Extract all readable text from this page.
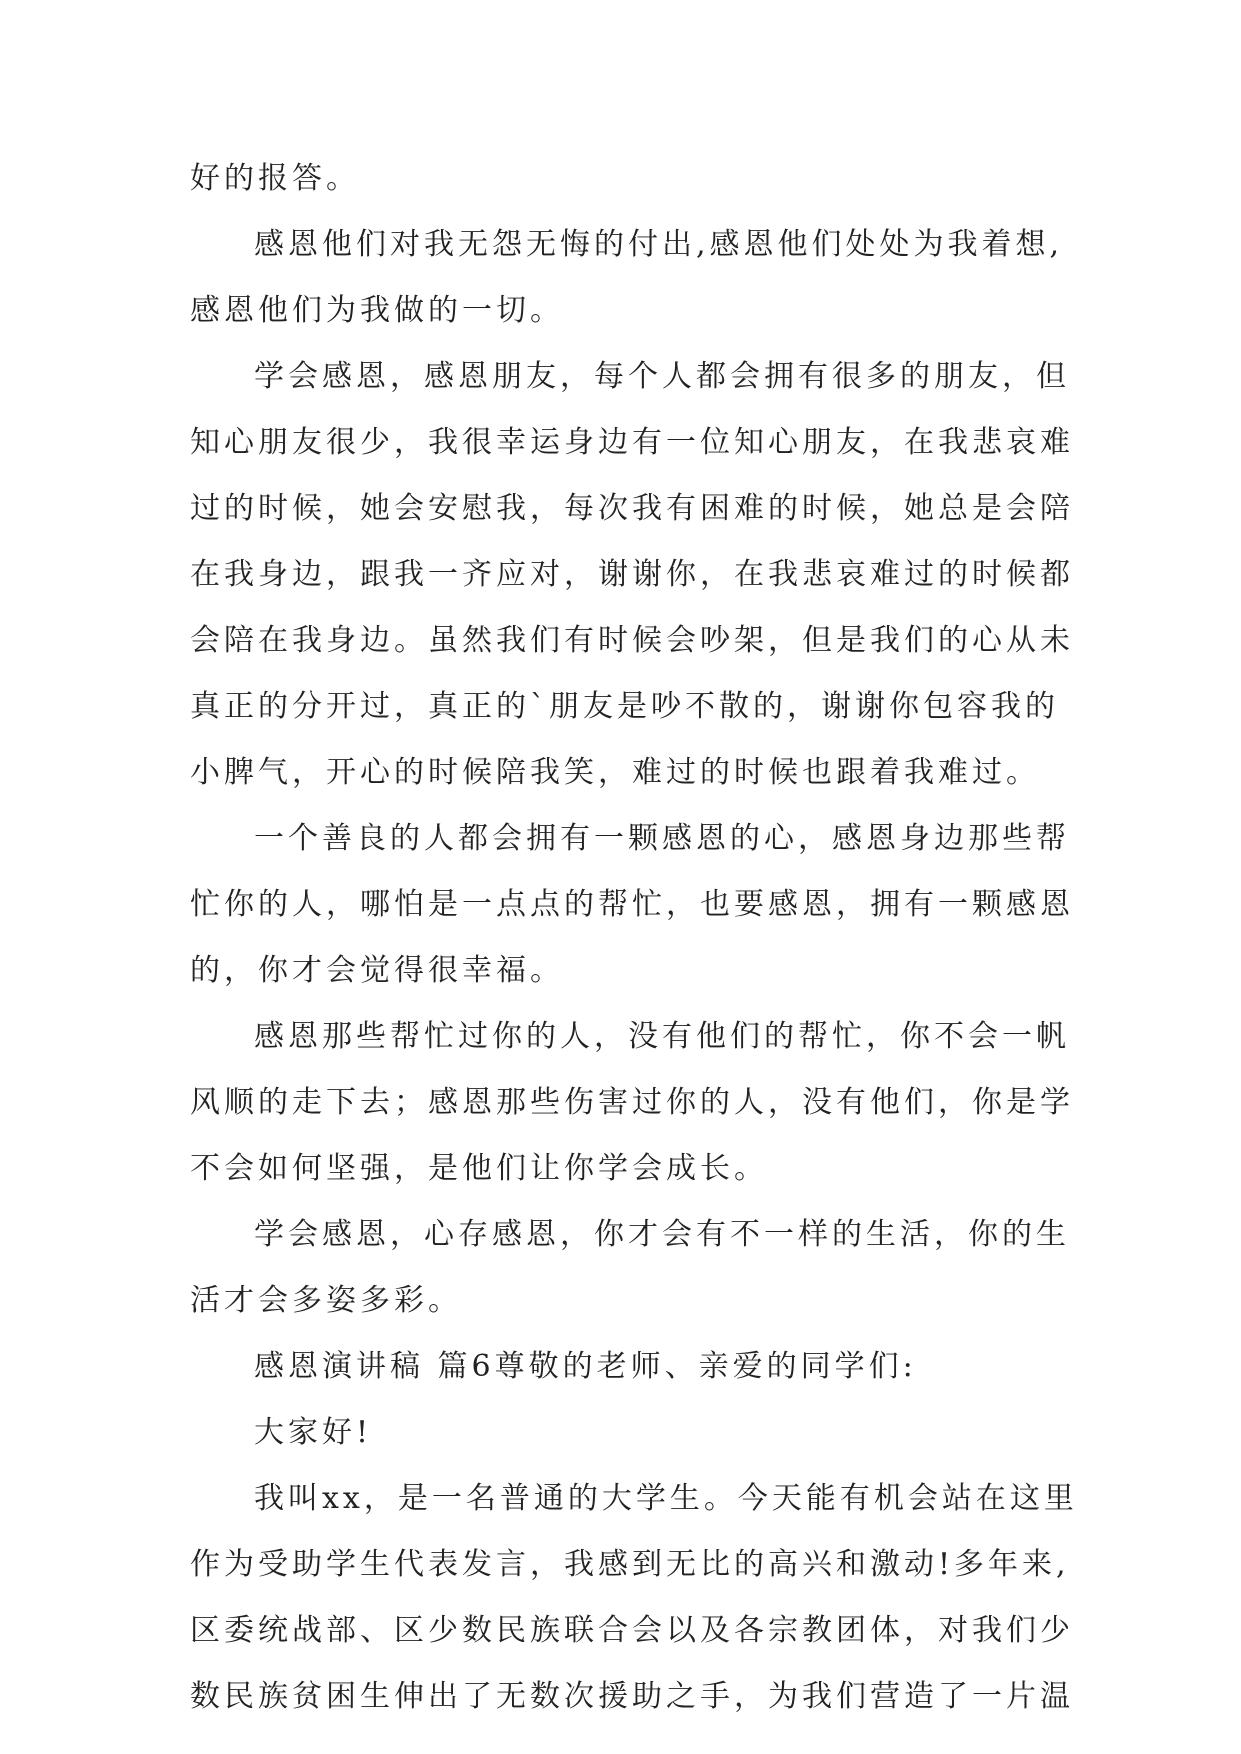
好的报答。
感恩他们对我无怨无悔的付出,感恩他们处处为我着想,
感恩他们为我做的一切。
学会感恩，感恩朋友，每个人都会拥有很多的朋友，但
知心朋友很少，我很幸运身边有一位知心朋友，在我悲哀难
过的时候，她会安慰我，每次我有困难的时候，她总是会陪
在我身边，跟我一齐应对，谢谢你，在我悲哀难过的时候都
会陪在我身边。虽然我们有时候会吵架，但是我们的心从未
真正的分开过，真正的`朋友是吵不散的，谢谢你包容我的
小脾气，开心的时候陪我笑，难过的时候也跟着我难过。
一个善良的人都会拥有一颗感恩的心，感恩身边那些帮
忙你的人，哪怕是一点点的帮忙，也要感恩，拥有一颗感恩
的，你才会觉得很幸福。
感恩那些帮忙过你的人，没有他们的帮忙，你不会一帆
风顺的走下去；感恩那些伤害过你的人，没有他们，你是学
不会如何坚强，是他们让你学会成长。
学会感恩，心存感恩，你才会有不一样的生活，你的生
活才会多姿多彩。
感恩演讲稿 篇6尊敬的老师、亲爱的同学们:
大家好!
我叫xx，是一名普通的大学生。今天能有机会站在这里
作为受助学生代表发言，我感到无比的高兴和激动!多年来,
区委统战部、区少数民族联合会以及各宗教团体，对我们少
数民族贫困生伸出了无数次援助之手，为我们营造了一片温
